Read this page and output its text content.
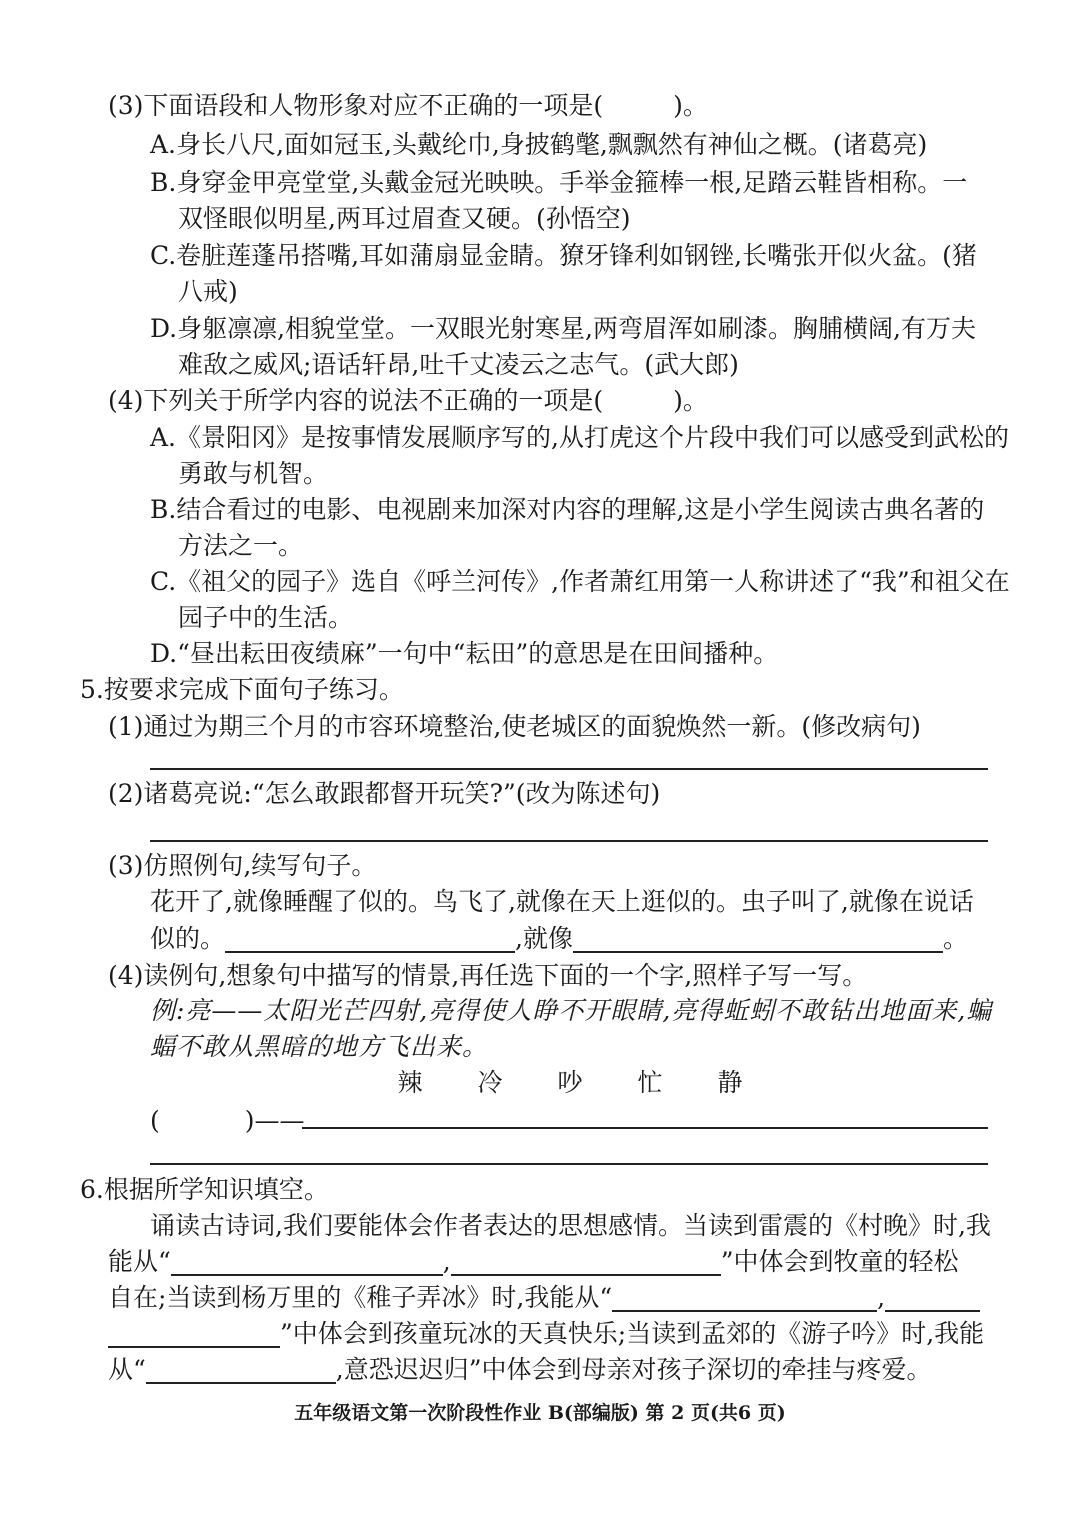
(3)下面语段和人物形象对应不正确的一项是(	)。
A.身长八尺,面如冠玉,头戴纶巾,身披鹤氅,飘飘然有神仙之概。(诸葛亮)
B.身穿金甲亮堂堂,头戴金冠光映映。手举金箍棒一根,足踏云鞋皆相称。一
双怪眼似明星,两耳过眉查又硬。(孙悟空)
C.卷脏莲蓬吊搭嘴,耳如蒲扇显金睛。獠牙锋利如钢锉,长嘴张开似火盆。(猪
八戒)
D.身躯凛凛,相貌堂堂。一双眼光射寒星,两弯眉浑如刷漆。胸脯横阔,有万夫
难敌之威风;语话轩昂,吐千丈凌云之志气。(武大郎)
(4)下列关于所学内容的说法不正确的一项是(	)。
A.《景阳冈》是按事情发展顺序写的,从打虎这个片段中我们可以感受到武松的
勇敢与机智。
B.结合看过的电影、电视剧来加深对内容的理解,这是小学生阅读古典名著的
方法之一。
C.《祖父的园子》选自《呼兰河传》,作者萧红用第一人称讲述了“我”和祖父在
园子中的生活。
D.“昼出耘田夜绩麻”一句中“耘田”的意思是在田间播种。
5.按要求完成下面句子练习。
(1)通过为期三个月的市容环境整治,使老城区的面貌焕然一新。(修改病句)
(2)诸葛亮说:“怎么敢跟都督开玩笑?”(改为陈述句)
(3)仿照例句,续写句子。
花开了,就像睡醒了似的。鸟飞了,就像在天上逛似的。虫子叫了,就像在说话
似的。	,就像	。
(4)读例句,想象句中描写的情景,再任选下面的一个字,照样子写一写。
例:亮——太阳光芒四射,亮得使人睁不开眼睛,亮得蚯蚓不敢钻出地面来,蝙
蝠不敢从黑暗的地方飞出来。
辣 冷 吵 忙 静
(	)——
6.根据所学知识填空。
诵读古诗词,我们要能体会作者表达的思想感情。当读到雷震的《村晚》时,我
能从“	,	”中体会到牧童的轻松
自在;当读到杨万里的《稚子弄冰》时,我能从“	,
”中体会到孩童玩冰的天真快乐;当读到孟郊的《游子吟》时,我能
从“	,意恐迟迟归”中体会到母亲对孩子深切的牵挂与疼爱。
五年级语文第一次阶段性作业 B(部编版) 第 2 页(共6 页)
